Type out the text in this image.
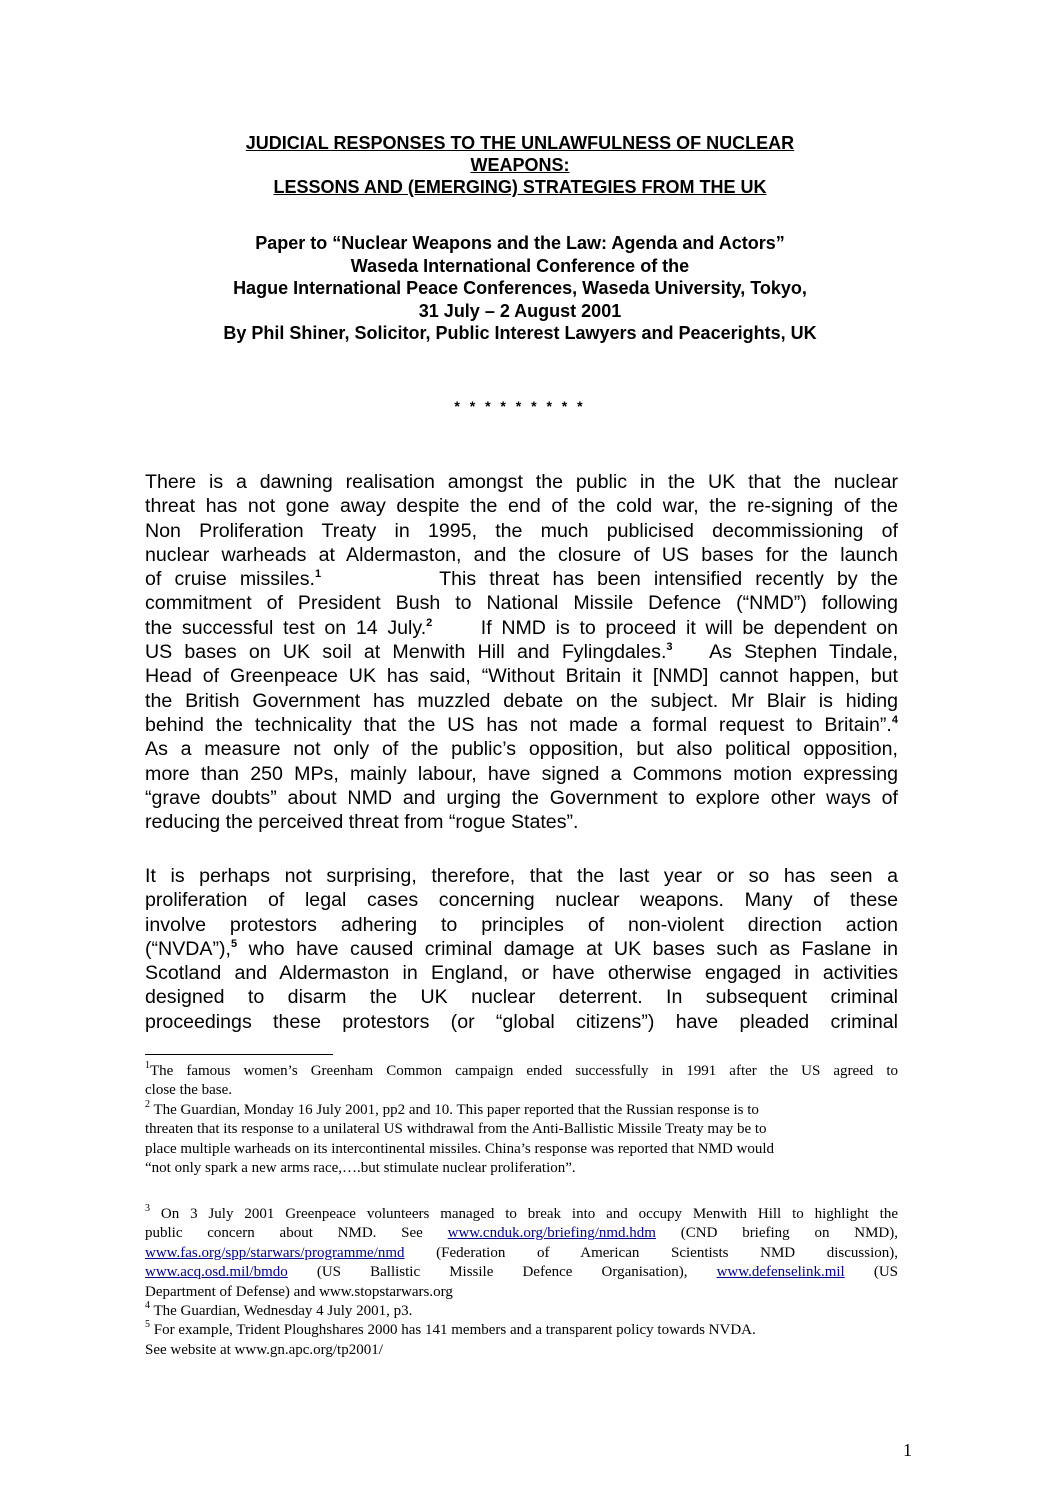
JUDICIAL RESPONSES TO THE UNLAWFULNESS OF NUCLEAR
WEAPONS:
LESSONS AND (EMERGING) STRATEGIES FROM THE UK
Paper to “Nuclear Weapons and the Law: Agenda and Actors”
Waseda International Conference of the
Hague International Peace Conferences, Waseda University, Tokyo,
31 July – 2 August 2001
By Phil Shiner, Solicitor, Public Interest Lawyers and Peacerights, UK
* * * * * * * * *
There is a dawning realisation amongst the public in the UK that the nuclear
threat has not gone away despite the end of the cold war, the re-signing of the
Non Proliferation Treaty in 1995, the much publicised decommissioning of
nuclear warheads at Aldermaston, and the closure of US bases for the launch
of cruise missiles.$^1$	This threat has been intensified recently by the
commitment of President Bush to National Missile Defence (“NMD”) following
the successful test on 14 July.$^2$ If NMD is to proceed it will be dependent on
US bases on UK soil at Menwith Hill and Fylingdales.$^3$ As Stephen Tindale,
Head of Greenpeace UK has said, “Without Britain it [NMD] cannot happen, but
the British Government has muzzled debate on the subject. Mr Blair is hiding
behind the technicality that the US has not made a formal request to Britain”.$^4$
As a measure not only of the public’s opposition, but also political opposition,
more than 250 MPs, mainly labour, have signed a Commons motion expressing
“grave doubts” about NMD and urging the Government to explore other ways of
reducing the perceived threat from “rogue States”.
It is perhaps not surprising, therefore, that the last year or so has seen a
proliferation of legal cases concerning nuclear weapons. Many of these
involve protestors adhering to principles of non-violent direction action
(“NVDA”),$^5$ who have caused criminal damage at UK bases such as Faslane in
Scotland and Aldermaston in England, or have otherwise engaged in activities
designed to disarm the UK nuclear deterrent. In subsequent criminal
proceedings these protestors (or “global citizens”) have pleaded criminal
$^1$The famous women’s Greenham Common campaign ended successfully in 1991 after the US agreed to
close the base.
$^2$ The Guardian, Monday 16 July 2001, pp2 and 10. This paper reported that the Russian response is to
threaten that its response to a unilateral US withdrawal from the Anti-Ballistic Missile Treaty may be to
place multiple warheads on its intercontinental missiles. China’s response was reported that NMD would
“not only spark a new arms race,….but stimulate nuclear proliferation”.
$^3$ On 3 July 2001 Greenpeace volunteers managed to break into and occupy Menwith Hill to highlight the
public concern about NMD. See www.cnduk.org/briefing/nmd.hdm (CND briefing on NMD),
www.fas.org/spp/starwars/programme/nmd (Federation of American Scientists NMD discussion),
www.acq.osd.mil/bmdo (US Ballistic Missile Defence Organisation), www.defenselink.mil (US
Department of Defense) and www.stopstarwars.org
$^4$ The Guardian, Wednesday 4 July 2001, p3.
$^5$ For example, Trident Ploughshares 2000 has 141 members and a transparent policy towards NVDA.
See website at www.gn.apc.org/tp2001/
1
